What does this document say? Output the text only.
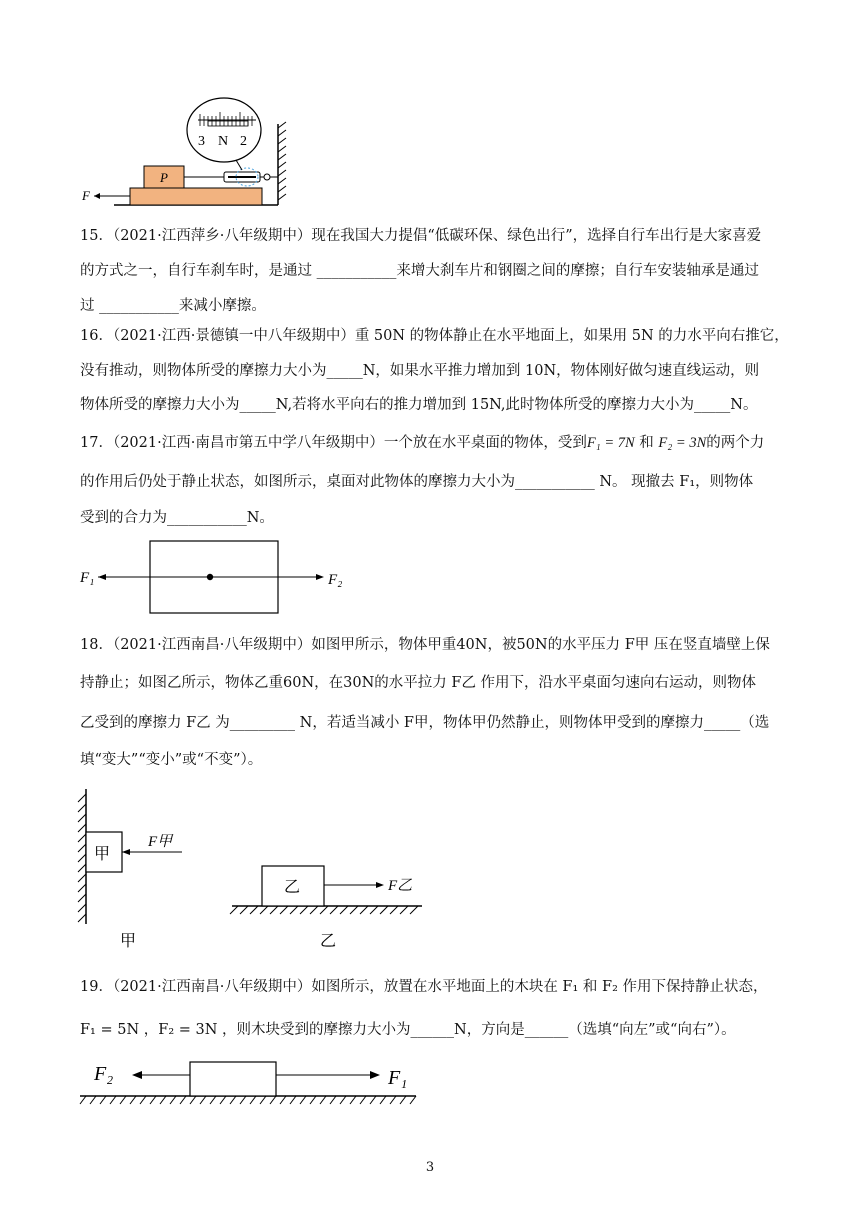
P
3 N 2
F
15．（2021·江西萍乡·八年级期中）现在我国大力提倡“低碳环保、绿色出行”，选择自行车出行是大家喜爱
的方式之一，自行车刹车时，是通过 ___________来增大刹车片和钢圈之间的摩擦；自行车安装轴承是通过
过 ___________来减小摩擦。
16．（2021·江西·景德镇一中八年级期中）重 50N 的物体静止在水平地面上，如果用 5N 的力水平向右推它，
没有推动，则物体所受的摩擦力大小为_____N，如果水平推力增加到 10N，物体刚好做匀速直线运动，则
物体所受的摩擦力大小为_____N,若将水平向右的推力增加到 15N,此时物体所受的摩擦力大小为_____N。
17．（2021·江西·南昌市第五中学八年级期中）一个放在水平桌面的物体，受到F₁ = 7N 和 F₂ = 3N的两个力
的作用后仍处于静止状态，如图所示，桌面对此物体的摩擦力大小为___________ N。 现撤去 F₁，则物体
受到的合力为___________N。
F₁	F₂
18．（2021·江西南昌·八年级期中）如图甲所示，物体甲重40N，被50N的水平压力 F甲 压在竖直墙壁上保
持静止；如图乙所示，物体乙重60N，在30N的水平拉力 F乙 作用下，沿水平桌面匀速向右运动，则物体
乙受到的摩擦力 F乙 为_________ N，若适当减小 F甲，物体甲仍然静止，则物体甲受到的摩擦力_____（选
填“变大”“变小”或“不变”）。
甲
F甲
甲
乙	F乙
乙
19．（2021·江西南昌·八年级期中）如图所示，放置在水平地面上的木块在 F₁ 和 F₂ 作用下保持静止状态，
F₁ = 5N ，F₂ = 3N ，则木块受到的摩擦力大小为______N，方向是______（选填“向左”或“向右”）。
F₂	F₁
3
